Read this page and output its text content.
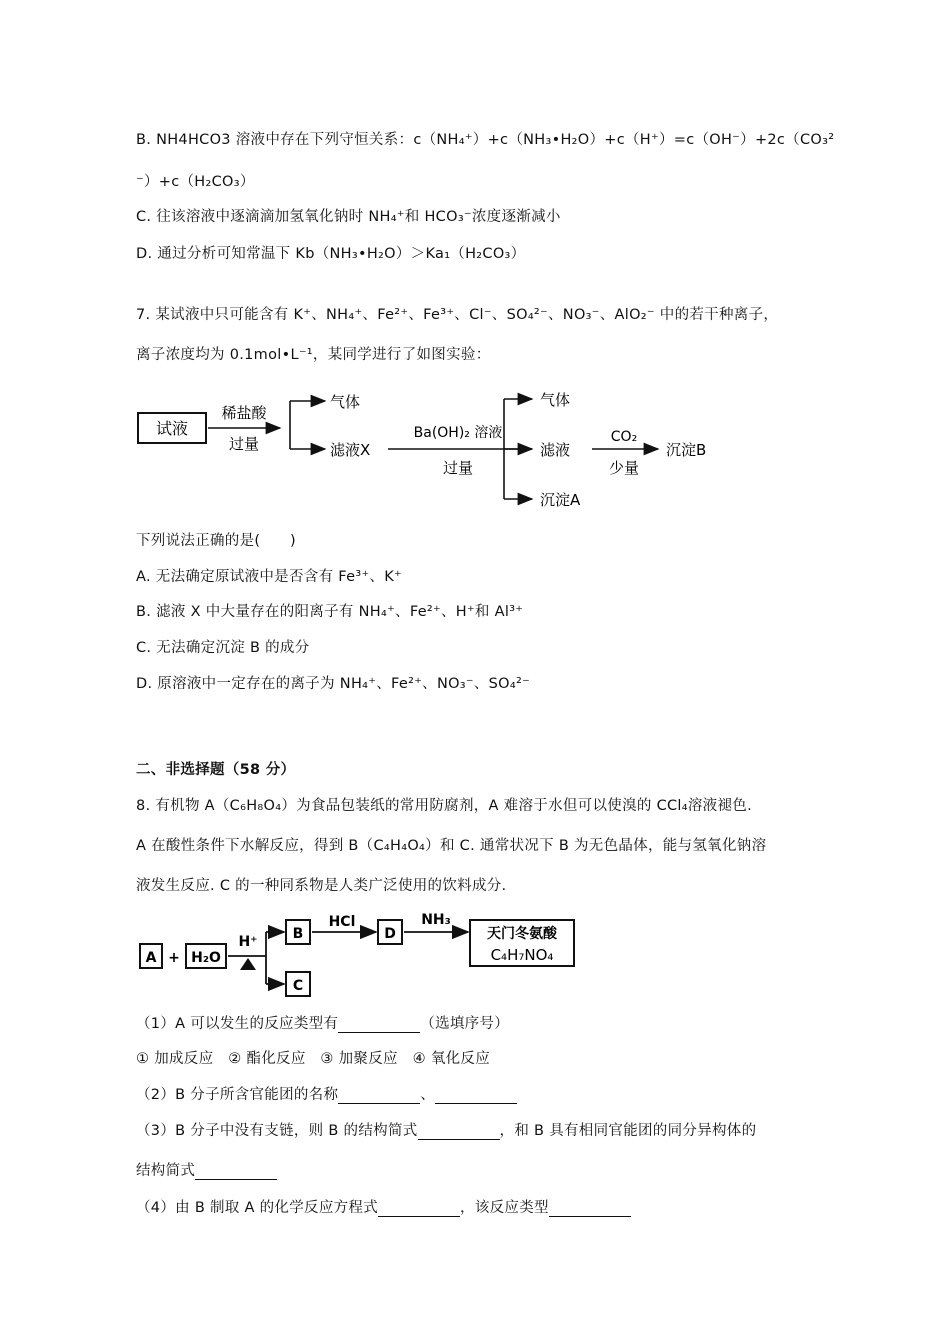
B. NH4HCO3 溶液中存在下列守恒关系：c（NH₄⁺）+c（NH₃•H₂O）+c（H⁺）=c（OH⁻）+2c（CO₃²
⁻）+c（H₂CO₃）
C. 往该溶液中逐滴滴加氢氧化钠时 NH₄⁺和 HCO₃⁻浓度逐渐减小
D. 通过分析可知常温下 Kb（NH₃•H₂O）＞Ka₁（H₂CO₃）
7. 某试液中只可能含有 K⁺、NH₄⁺、Fe²⁺、Fe³⁺、Cl⁻、SO₄²⁻、NO₃⁻、AlO₂⁻ 中的若干种离子，
离子浓度均为 0.1mol•L⁻¹，某同学进行了如图实验：
试液
稀盐酸
过量
气体
滤液X
Ba(OH)₂ 溶液
过量
气体
滤液
沉淀A
CO₂
少量
沉淀B
下列说法正确的是(　　)
A. 无法确定原试液中是否含有 Fe³⁺、K⁺
B. 滤液 X 中大量存在的阳离子有 NH₄⁺、Fe²⁺、H⁺和 Al³⁺
C. 无法确定沉淀 B 的成分
D. 原溶液中一定存在的离子为 NH₄⁺、Fe²⁺、NO₃⁻、SO₄²⁻
二、非选择题（58 分）
8. 有机物 A（C₆H₈O₄）为食品包装纸的常用防腐剂，A 难溶于水但可以使溴的 CCl₄溶液褪色.
A 在酸性条件下水解反应，得到 B（C₄H₄O₄）和 C. 通常状况下 B 为无色晶体，能与氢氧化钠溶
液发生反应. C 的一种同系物是人类广泛使用的饮料成分.
A + H₂O
H⁺	B
C
HCl
D
NH₃
天门冬氨酸
C₄H₇NO₄
（1）A 可以发生的反应类型有	（选填序号）
① 加成反应　② 酯化反应　③ 加聚反应　④ 氧化反应
（2）B 分子所含官能团的名称	、
（3）B 分子中没有支链，则 B 的结构简式	，和 B 具有相同官能团的同分异构体的
结构简式
（4）由 B 制取 A 的化学反应方程式	，该反应类型
